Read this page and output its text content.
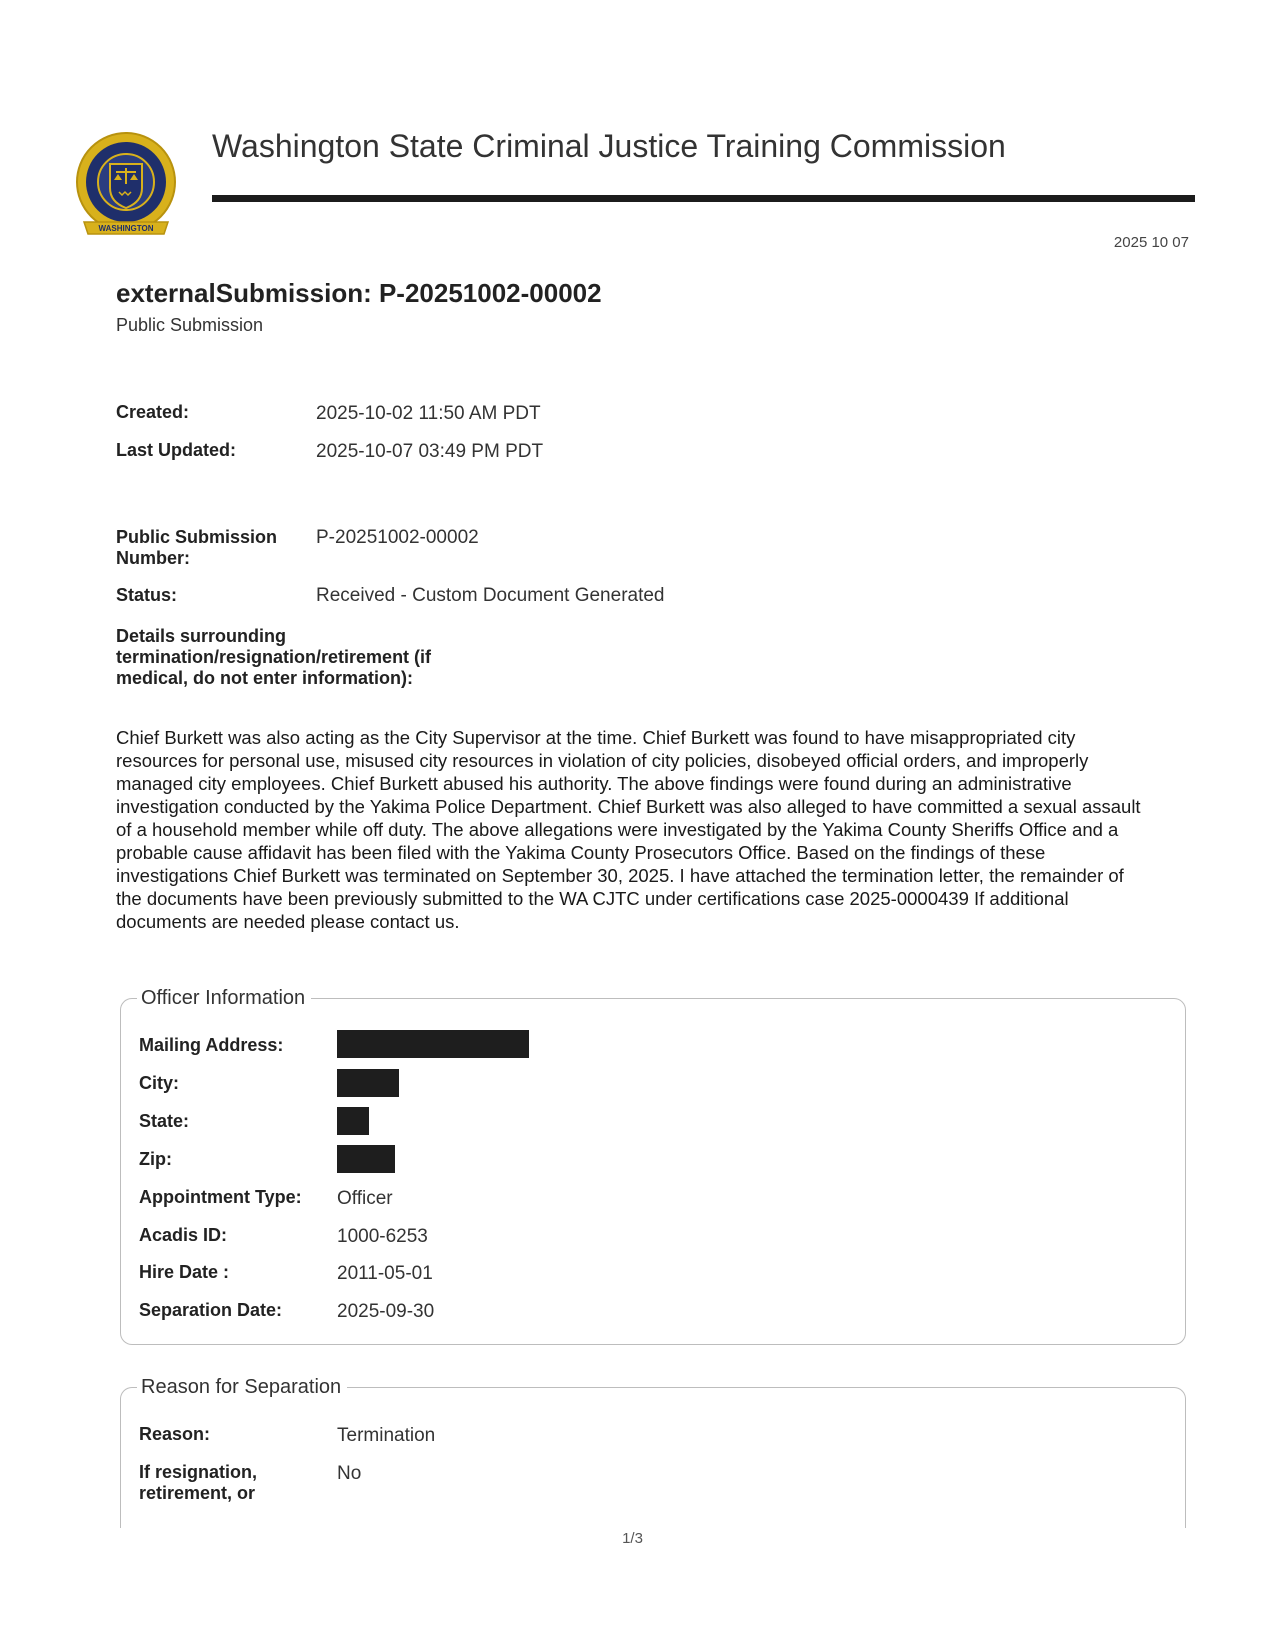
WASHINGTON
Washington State Criminal Justice Training Commission
2025 10 07
externalSubmission: P-20251002-00002
Public Submission
Created:	2025-10-02 11:50 AM PDT
Last Updated:	2025-10-07 03:49 PM PDT
Public Submission Number:
P-20251002-00002
Status:	Received - Custom Document Generated
Details surrounding termination/resignation/retirement (if medical, do not enter information):
Chief Burkett was also acting as the City Supervisor at the time. Chief Burkett was found to have misappropriated city resources for personal use, misused city resources in violation of city policies, disobeyed official orders, and improperly managed city employees. Chief Burkett abused his authority. The above findings were found during an administrative investigation conducted by the Yakima Police Department. Chief Burkett was also alleged to have committed a sexual assault of a household member while off duty. The above allegations were investigated by the Yakima County Sheriffs Office and a probable cause affidavit has been filed with the Yakima County Prosecutors Office. Based on the findings of these investigations Chief Burkett was terminated on September 30, 2025. I have attached the termination letter, the remainder of the documents have been previously submitted to the WA CJTC under certifications case 2025-0000439 If additional documents are needed please contact us.
Officer Information
Mailing Address:
City:
State:
Zip:
Appointment Type:	Officer
Acadis ID:	1000-6253
Hire Date :	2011-05-01
Separation Date:	2025-09-30
Reason for Separation
Reason:	Termination
If resignation, retirement, or
No
1/3
